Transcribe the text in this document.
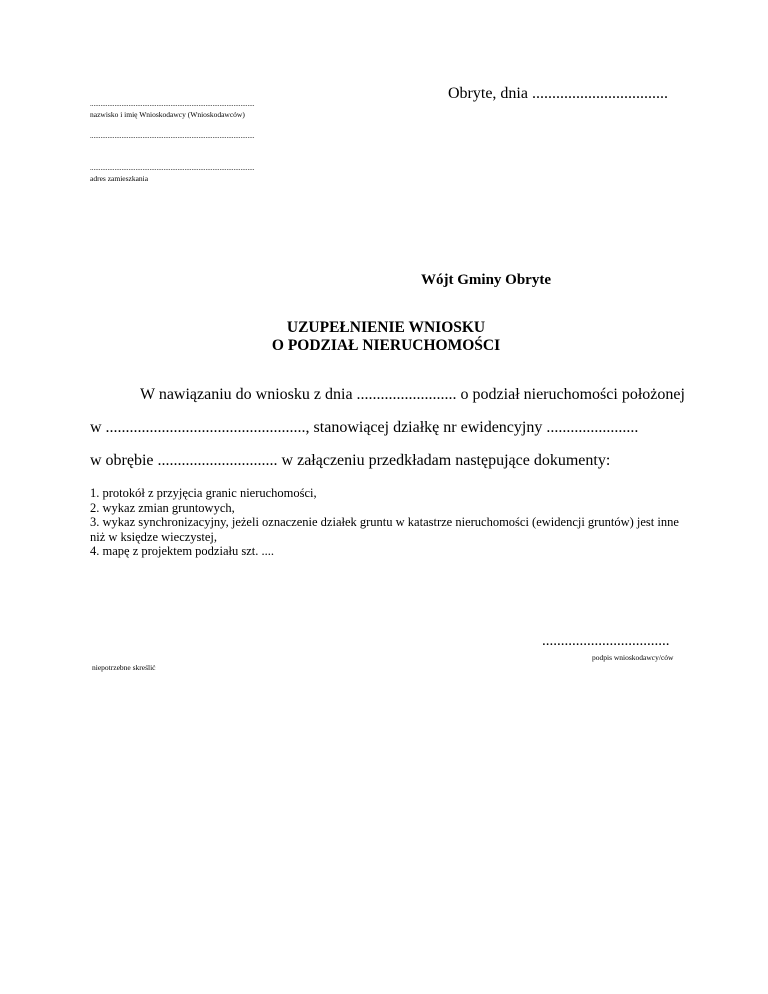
Obryte, dnia ..................................
..............................................................................................
nazwisko i imię Wnioskodawcy (Wnioskodawców)
..............................................................................................
..............................................................................................
adres zamieszkania
Wójt Gminy Obryte
UZUPEŁNIENIE WNIOSKU
O PODZIAŁ NIERUCHOMOŚCI
W nawiązaniu do wniosku z dnia ......................... o podział nieruchomości położonej
w .................................................., stanowiącej działkę nr ewidencyjny .......................
w obrębie .............................. w załączeniu przedkładam następujące dokumenty:
1. protokół z przyjęcia granic nieruchomości,
2. wykaz zmian gruntowych,
3. wykaz synchronizacyjny, jeżeli oznaczenie działek gruntu w katastrze nieruchomości (ewidencji gruntów) jest inne niż w księdze wieczystej,
4. mapę z projektem podziału szt. ....
..................................
podpis wnioskodawcy/ców
niepotrzebne skreślić
